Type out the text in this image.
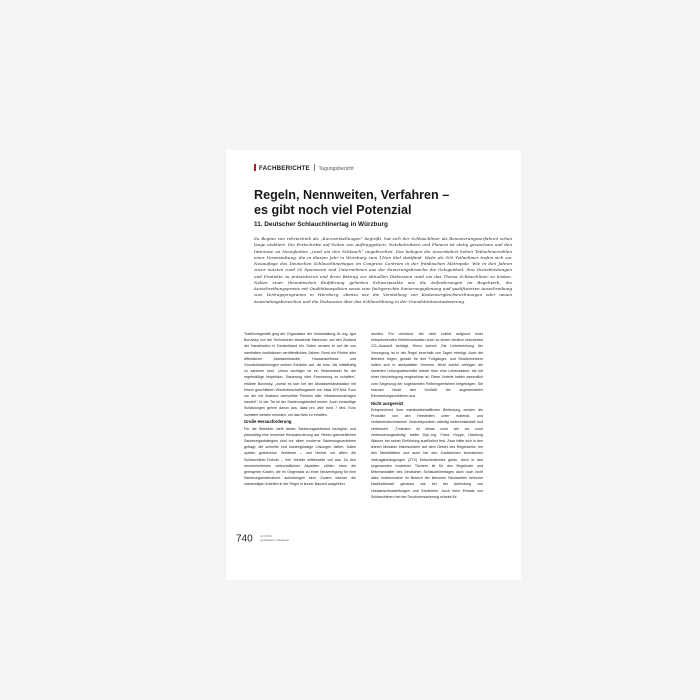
FACHBERICHTE Tagungsbericht
Regeln, Nennweiten, Verfahren –
es gibt noch viel Potenzial
11. Deutscher Schlauchlinertag in Würzburg

Zu Beginn von rohrtechnik als „Kurzvorstellungen“ begrüßt, hat sich der Schlauchliner als Renovierungsverfahren schon lange etabliert. Die Fortschritte auf Seiten von Auftraggebern, Netzbetreibern und Planern ist stetig gewachsen und den Interesse an Neuigkeiten „rund um den Schlauch“ ungebrochen. Das belegen die unverändert hohen Teilnehmerzahlen einer Veranstaltung, die in diesem Jahr in Würzburg zum 11ten Mal stattfand. Mehr als 500 Teilnehmer trafen sich zur Neuauflage des Deutschen Schlauchlinertages im Congress Centrum in der fränkischen Metropole. Wie in den Jahren zuvor nutzten rund 50 Sponsoren und Unternehmen aus der Sanierungsbranche die Gelegenheit, ihre Dienstleistungen und Produkte zu präsentieren und ihren Beitrag zur aktuellen Diskussion rund um das Thema Schlauchliner zu leisten. Neben einer thematischen Einführung gehörten Schwerpunkte wie die Anforderungen im Regelwerk, die Ausschreibungspraxis mit Qualitätsaspekten sowie eine fachgerechte Sanierungsplanung und qualifizierten Ausschreibung zum Vortragsprogramm in Würzburg, ebenso wie die Vorstellung von Kostenvergleichsrechnungen oder neuen Anwendungsbereichen und die Diskussion über das Schlauchlining in der Grundstücksentwässerung.

Traditionsgemäß ging der Organisator der Veranstaltung Dr.-Ing. Igor Borovsky von der Technischen Akademie Hannover, auf den Zustand der Kanalisation in Deutschland ein. Dabei verwies er auf die von namhaften Institutionen veröffentlichten Zahlen: Rund ein Fünftel aller öffentlichen Abwasserkanäle, Hausanschlüsse und Grundstücksleitungen weisen Schäden auf, die kurz- bis mittelfristig zu sanieren sind. „Umso wichtiger ist es, Bewusstsein für die regelmäßige Inspektion, Sanierung oder Erneuerung zu schaffen“, erklärte Borovsky, „zumal es sich bei der Abwasserkanalisation mit einem geschätzten Wiederbeschaffungswert von etwa 576 Mrd. Euro um die mit Abstand wertvollste Position aller Infrastrukturanlagen handelt.“ In der Tat ist der Sanierungsbedarf enorm. Auch vorsichtige Schätzungen gehen davon aus, dass pro Jahr rund 7 Mrd. Euro investiert werden müssten, um das Netz zu erhalten.

Große Herausforderung

Für die Betreiber stellt dieser Sanierungsaufwand bezüglich und planmäßig eine immense Herausforderung dar. Neben ganzheitlichen Sanierungsstrategien sind vor allem moderne Sanierungsverfahren gefragt, die schnelle und kostengünstige Lösungen bieten. Dabei spielen grabenlose Verfahren – und hierbei vor allem die Schlauchliner-Technik – ihre Vorteile mittlerweile voll aus. Zu den renommiertesten wirtschaftlichen Aspekten zählen etwa die geringeren Kosten, die im Gegensatz zu einer Neuverlegung für eine Sanierungsmaßnahme aufzubringen sind. Zudem können die notwendigen Arbeiten in der Regel in kurzer Bauzeit ausgeführt

werden. Ein Umstand, der nicht zuletzt aufgrund einer entsprechenden Verkehrssituation auch zu einem deutlich reduzierten CO₂-Ausstoß beiträgt. Hinzu kommt: Die Unterbrechung der Versorgung ist in der Regel innerhalb von Tagen erledigt. Auch die Betriebe folgen, gerade für den Fußgänger- und Straßenverkehr halten sich in akzeptablen Grenzen. Nicht zuletzt verfügen die sanierten Leitungsabschnitte wieder über eine Lebensdauer, die mit einer Neuverlegung vergleichbar ist. Diese Vorteile haben wesentlich zum Siegeszug der sogenannten Relininigverfahren beigetragen. Sie machen heute den Großteil der angewendeten Renovierungsverfahren aus.

Nicht ausgereizt

Entsprechend ihrer marktwirtschaftlichen Bedeutung werden die Produkte von den Herstellern unter material- und verfahrenstechnischen Gesichtspunkten ständig weiterentwickelt und verbessert. „Trotzdem ist etwas noch wie vor noch verbesserungswürdig“ stellte Dipl.-Ing. Franz Hoppe, Hamburg Wasser, bei seiner Einführung ausführlich fest. Zwar hätte sich in den letzten Monaten insbesondere auf dem Gebiet des Regelwerks, bei den Merkblättern und auch bei den Zusätzlichen technischen Vertragsbedingungen (ZTV) Entscheidendes getan, doch in den sogenannten trockenen Tüchern ist für den Begründer und Mitveranstalter des Deutschen Schlauchlinertages doch noch nicht alles. Insbesondere im Bereich der kleineren Nennweiten herrsche Nachholbedarf genauso wie bei der Anbindung von Hausanschlussleitungen und Schächten. Auch beim Einsatz von Schlauchlinern bei der Druckrohrsanierung scheint für

740	12 | 2013
gwf-Wasser | Abwasser
